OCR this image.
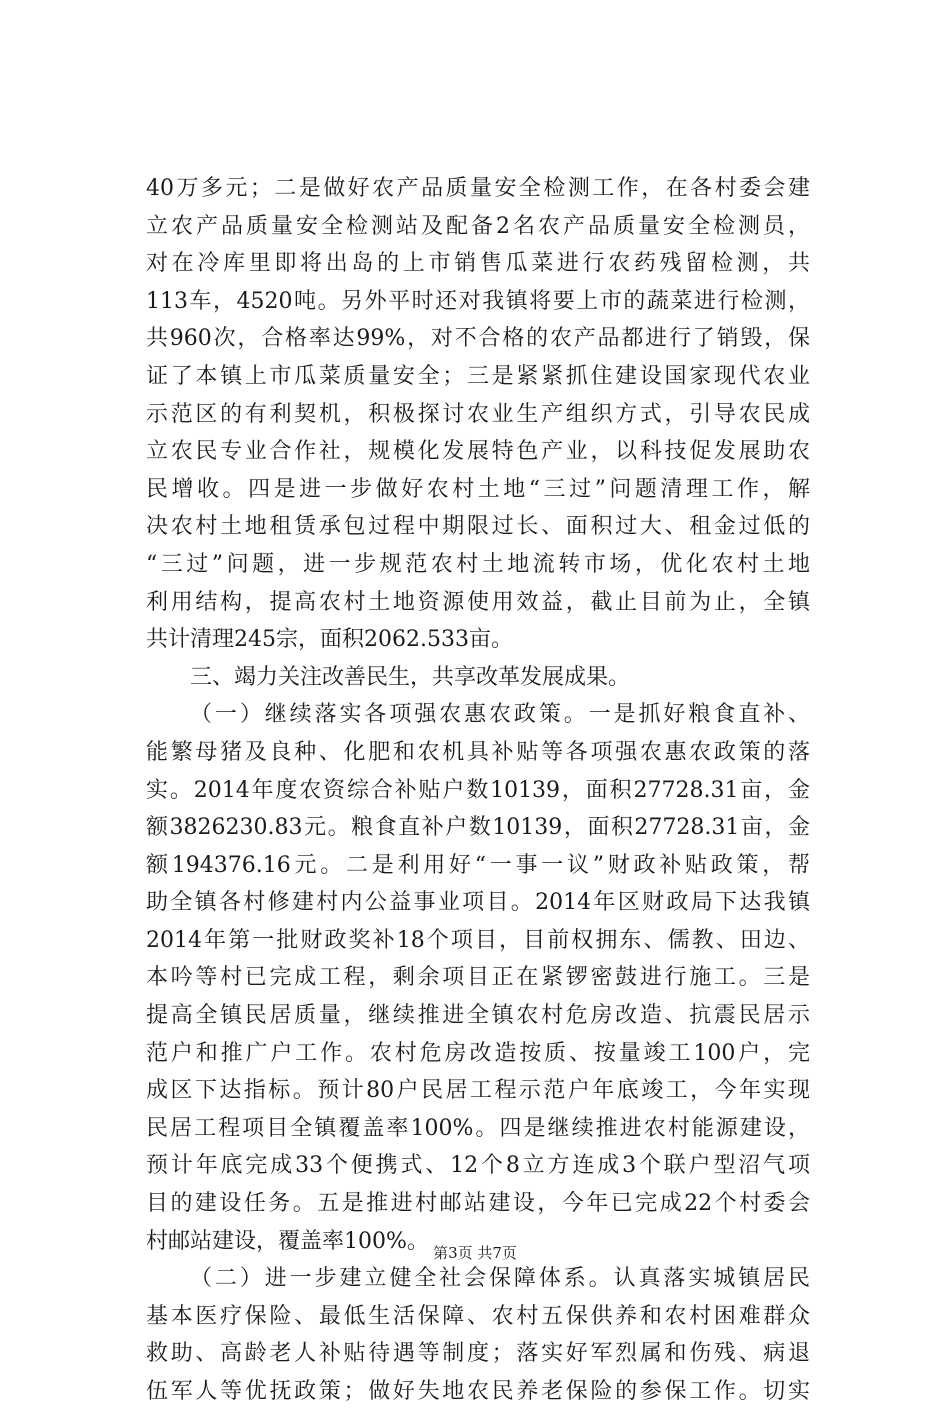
40万多元；二是做好农产品质量安全检测工作，在各村委会建
立农产品质量安全检测站及配备2名农产品质量安全检测员，
对在冷库里即将出岛的上市销售瓜菜进行农药残留检测，共
113车，4520吨。另外平时还对我镇将要上市的蔬菜进行检测，
共960次，合格率达99%，对不合格的农产品都进行了销毁，保
证了本镇上市瓜菜质量安全；三是紧紧抓住建设国家现代农业
示范区的有利契机，积极探讨农业生产组织方式，引导农民成
立农民专业合作社，规模化发展特色产业，以科技促发展助农
民增收。四是进一步做好农村土地“三过”问题清理工作，解
决农村土地租赁承包过程中期限过长、面积过大、租金过低的
“三过”问题，进一步规范农村土地流转市场，优化农村土地
利用结构，提高农村土地资源使用效益，截止目前为止，全镇
共计清理245宗，面积2062.533亩。
三、竭力关注改善民生，共享改革发展成果。
（一）继续落实各项强农惠农政策。一是抓好粮食直补、
能繁母猪及良种、化肥和农机具补贴等各项强农惠农政策的落
实。2014年度农资综合补贴户数10139，面积27728.31亩，金
额3826230.83元。粮食直补户数10139，面积27728.31亩，金
额194376.16元。二是利用好“一事一议”财政补贴政策，帮
助全镇各村修建村内公益事业项目。2014年区财政局下达我镇
2014年第一批财政奖补18个项目，目前权拥东、儒教、田边、
本吟等村已完成工程，剩余项目正在紧锣密鼓进行施工。三是
提高全镇民居质量，继续推进全镇农村危房改造、抗震民居示
范户和推广户工作。农村危房改造按质、按量竣工100户，完
成区下达指标。预计80户民居工程示范户年底竣工，今年实现
民居工程项目全镇覆盖率100%。四是继续推进农村能源建设，
预计年底完成33个便携式、12个8立方连成3个联户型沼气项
目的建设任务。五是推进村邮站建设，今年已完成22个村委会
村邮站建设，覆盖率100%。
（二）进一步建立健全社会保障体系。认真落实城镇居民
基本医疗保险、最低生活保障、农村五保供养和农村困难群众
救助、高龄老人补贴待遇等制度；落实好军烈属和伤残、病退
伍军人等优抚政策；做好失地农民养老保险的参保工作。切实
第3页 共7页
